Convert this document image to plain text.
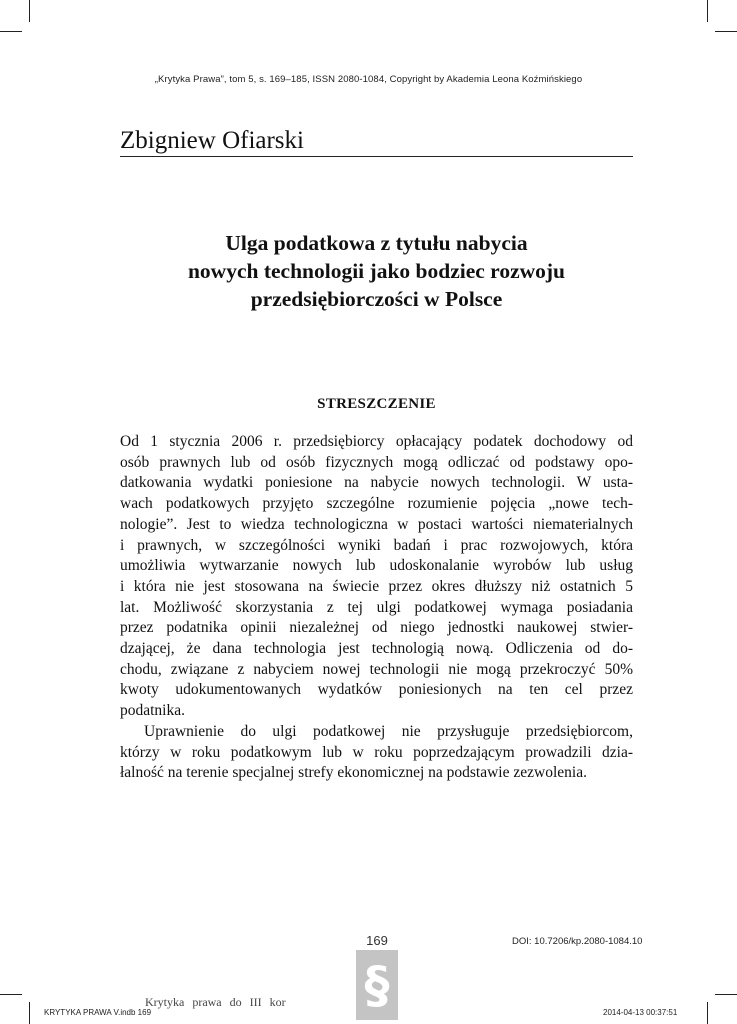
„Krytyka Prawa”, tom 5, s. 169–185, ISSN 2080-1084, Copyright by Akademia Leona Koźmińskiego
Zbigniew Ofiarski
Ulga podatkowa z tytułu nabycia
nowych technologii jako bodziec rozwoju
przedsiębiorczości w Polsce
STRESZCZENIE
Od 1 stycznia 2006 r. przedsiębiorcy opłacający podatek dochodowy od
osób prawnych lub od osób fizycznych mogą odliczać od podstawy opo-
datkowania wydatki poniesione na nabycie nowych technologii. W usta-
wach podatkowych przyjęto szczególne rozumienie pojęcia „nowe tech-
nologie”. Jest to wiedza technologiczna w postaci wartości niematerialnych
i prawnych, w szczególności wyniki badań i prac rozwojowych, która
umożliwia wytwarzanie nowych lub udoskonalanie wyrobów lub usług
i która nie jest stosowana na świecie przez okres dłuższy niż ostatnich 5
lat. Możliwość skorzystania z tej ulgi podatkowej wymaga posiadania
przez podatnika opinii niezależnej od niego jednostki naukowej stwier-
dzającej, że dana technologia jest technologią nową. Odliczenia od do-
chodu, związane z nabyciem nowej technologii nie mogą przekroczyć 50%
kwoty udokumentowanych wydatków poniesionych na ten cel przez
podatnika.
Uprawnienie do ulgi podatkowej nie przysługuje przedsiębiorcom,
którzy w roku podatkowym lub w roku poprzedzającym prowadzili dzia-
łalność na terenie specjalnej strefy ekonomicznej na podstawie zezwolenia.
169	DOI: 10.7206/kp.2080-1084.10
§
Krytyka prawa do III kor
KRYTYKA PRAWA V.indb 169	2014-04-13 00:37:51
